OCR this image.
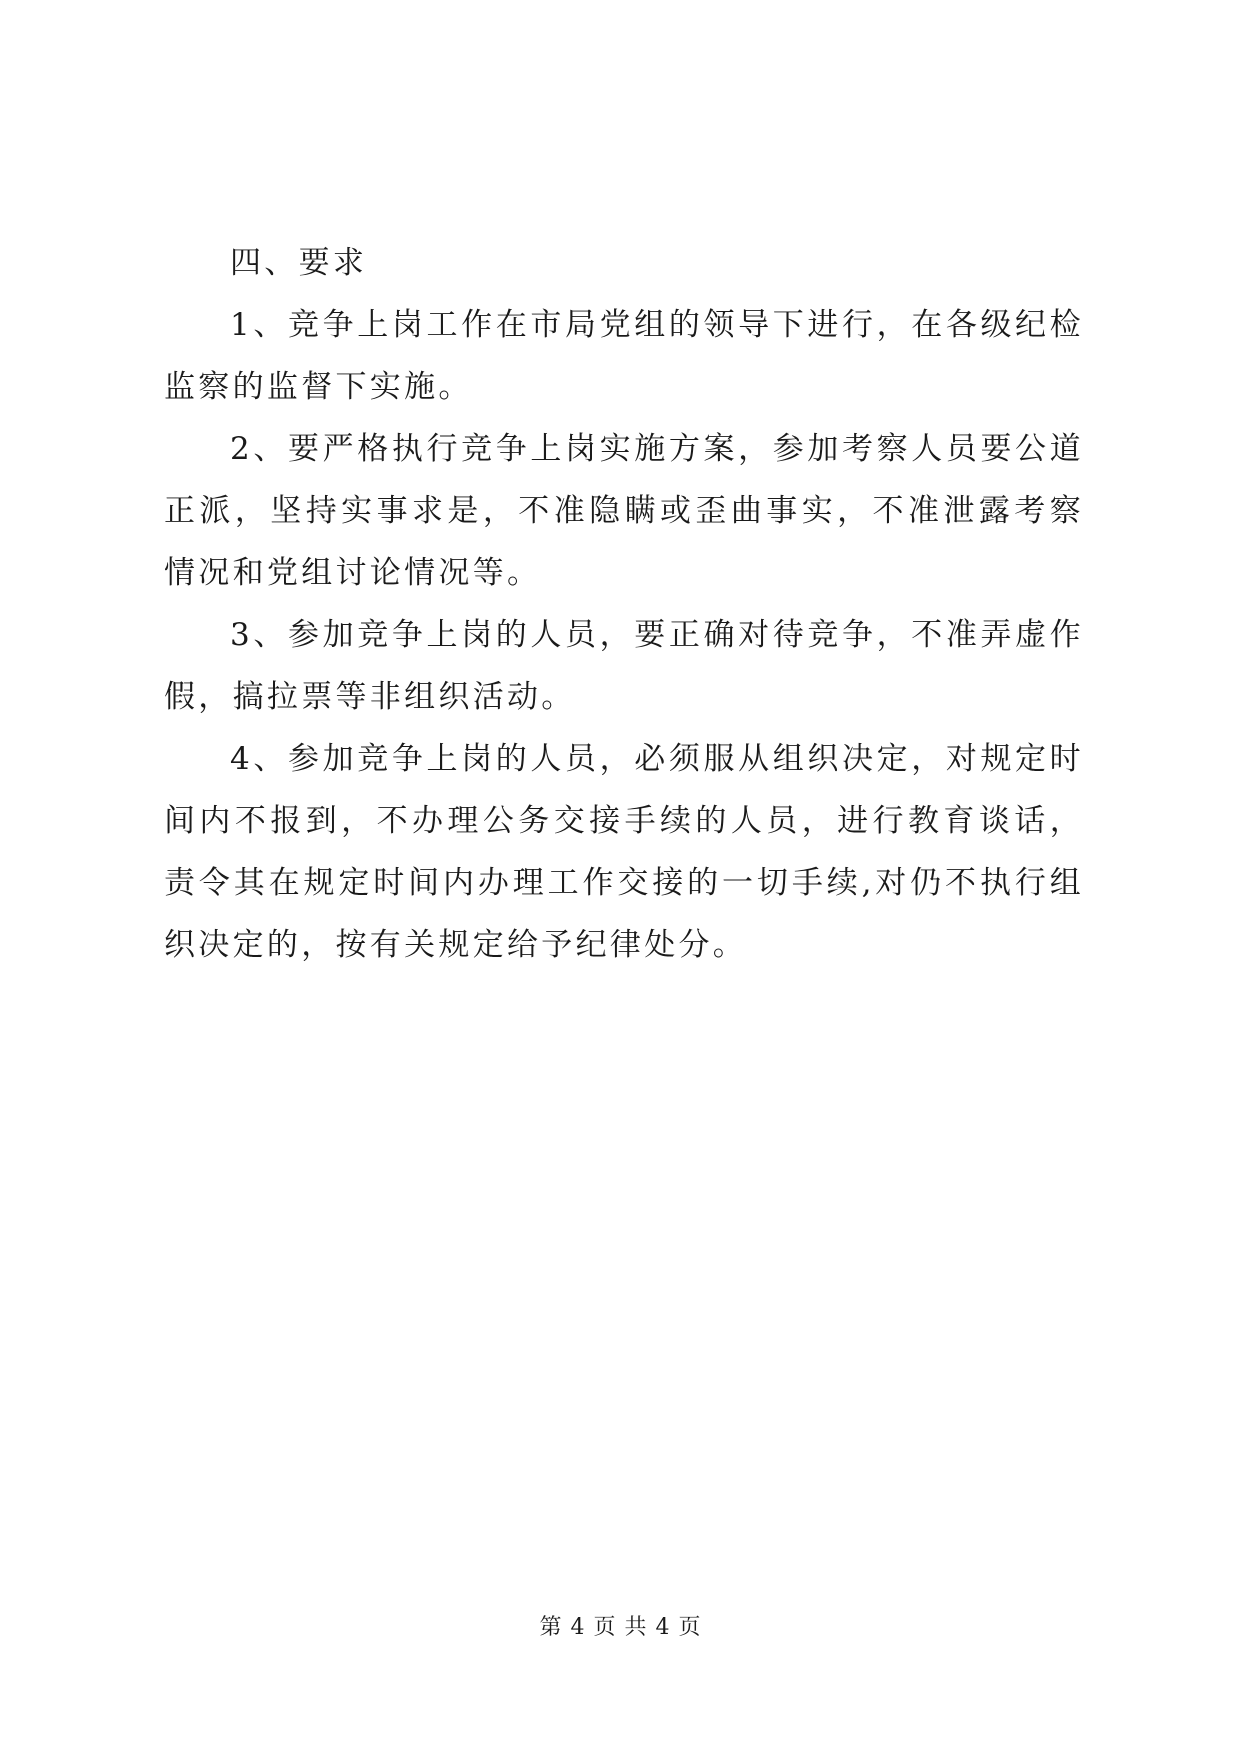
四、要求

1、竞争上岗工作在市局党组的领导下进行，在各级纪检监察的监督下实施。

2、要严格执行竞争上岗实施方案，参加考察人员要公道正派，坚持实事求是，不准隐瞒或歪曲事实，不准泄露考察情况和党组讨论情况等。

3、参加竞争上岗的人员，要正确对待竞争，不准弄虚作假，搞拉票等非组织活动。

4、参加竞争上岗的人员，必须服从组织决定，对规定时间内不报到，不办理公务交接手续的人员，进行教育谈话，责令其在规定时间内办理工作交接的一切手续,对仍不执行组织决定的，按有关规定给予纪律处分。

第 4 页 共 4 页
